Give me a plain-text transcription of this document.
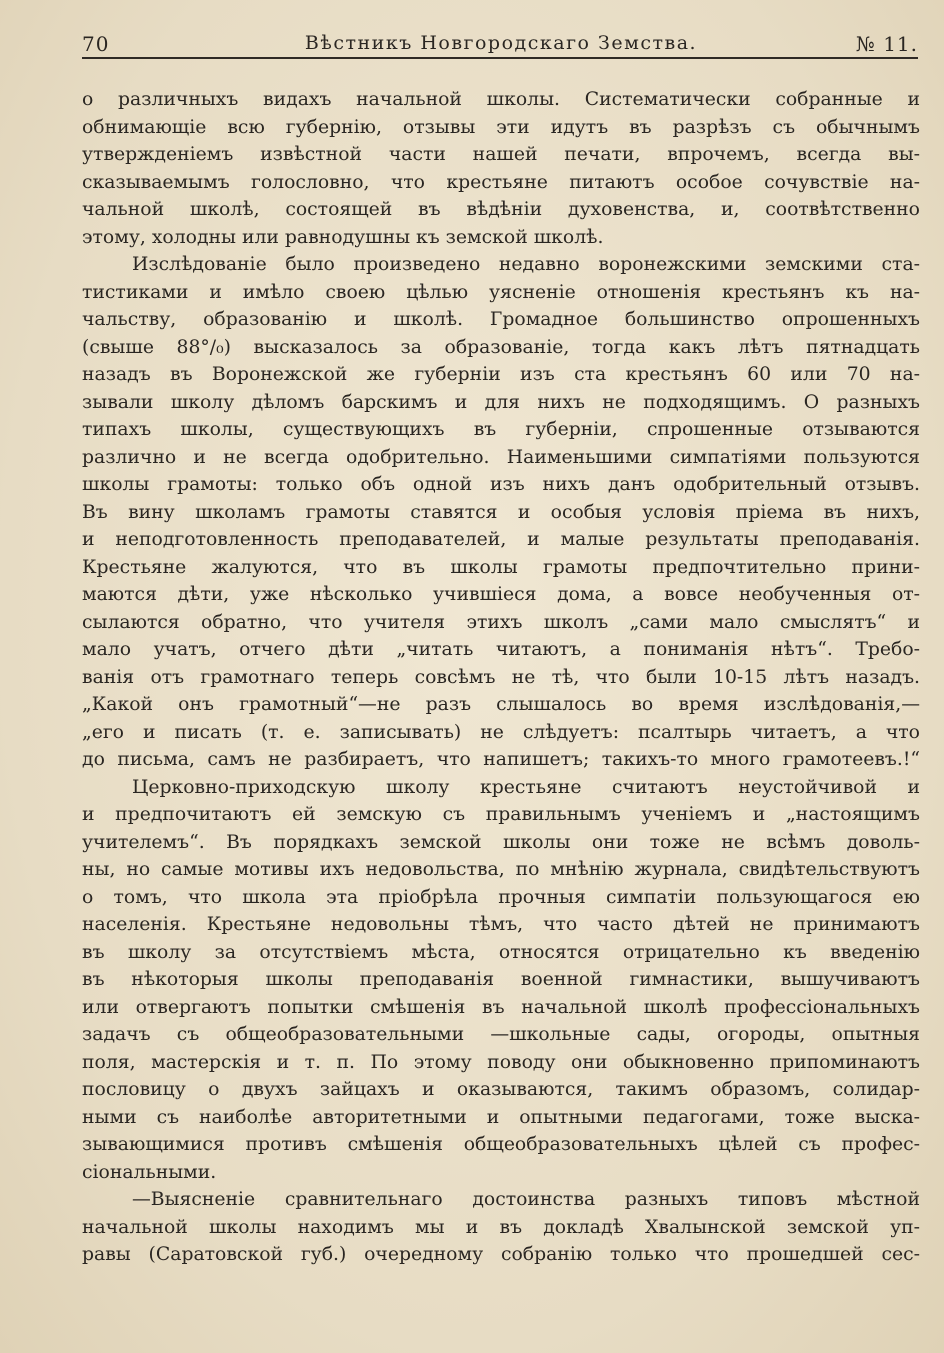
70	Вѣстникъ Новгородскаго Земства.	№ 11.
о различныхъ видахъ начальной школы. Систематически собранные и
обнимающіе всю губернію, отзывы эти идутъ въ разрѣзъ съ обычнымъ
утвержденіемъ извѣстной части нашей печати, впрочемъ, всегда вы-
сказываемымъ голословно, что крестьяне питаютъ особое сочувствіе на-
чальной школѣ, состоящей въ вѣдѣніи духовенства, и, соотвѣтственно
этому, холодны или равнодушны къ земской школѣ.
Изслѣдованіе было произведено недавно воронежскими земскими ста-
тистиками и имѣло своею цѣлью уясненіе отношенія крестьянъ къ на-
чальству, образованію и школѣ. Громадное большинство опрошенныхъ
(свыше 88°/₀) высказалось за образованіе, тогда какъ лѣтъ пятнадцать
назадъ въ Воронежской же губерніи изъ ста крестьянъ 60 или 70 на-
зывали школу дѣломъ барскимъ и для нихъ не подходящимъ. О разныхъ
типахъ школы, существующихъ въ губерніи, спрошенные отзываются
различно и не всегда одобрительно. Наименьшими симпатіями пользуются
школы грамоты: только объ одной изъ нихъ данъ одобрительный отзывъ.
Въ вину школамъ грамоты ставятся и особыя условія пріема въ нихъ,
и неподготовленность преподавателей, и малые результаты преподаванія.
Крестьяне жалуются, что въ школы грамоты предпочтительно прини-
маются дѣти, уже нѣсколько учившіеся дома, а вовсе необученныя от-
сылаются обратно, что учителя этихъ школъ „сами мало смыслятъ“ и
мало учатъ, отчего дѣти „читать читаютъ, а пониманія нѣтъ“. Требо-
ванія отъ грамотнаго теперь совсѣмъ не тѣ, что были 10-15 лѣтъ назадъ.
„Какой онъ грамотный“—не разъ слышалось во время изслѣдованія,—
„его и писать (т. е. записывать) не слѣдуетъ: псалтырь читаетъ, а что
до письма, самъ не разбираетъ, что напишетъ; такихъ-то много грамотеевъ.!“
Церковно-приходскую школу крестьяне считаютъ неустойчивой и
и предпочитаютъ ей земскую съ правильнымъ ученіемъ и „настоящимъ
учителемъ“. Въ порядкахъ земской школы они тоже не всѣмъ доволь-
ны, но самые мотивы ихъ недовольства, по мнѣнію журнала, свидѣтельствуютъ
о томъ, что школа эта пріобрѣла прочныя симпатіи пользующагося ею
населенія. Крестьяне недовольны тѣмъ, что часто дѣтей не принимаютъ
въ школу за отсутствіемъ мѣста, относятся отрицательно къ введенію
въ нѣкоторыя школы преподаванія военной гимнастики, вышучиваютъ
или отвергаютъ попытки смѣшенія въ начальной школѣ профессіональныхъ
задачъ съ общеобразовательными —школьные сады, огороды, опытныя
поля, мастерскія и т. п. По этому поводу они обыкновенно припоминаютъ
пословицу о двухъ зайцахъ и оказываются, такимъ образомъ, солидар-
ными съ наиболѣе авторитетными и опытными педагогами, тоже выска-
зывающимися противъ смѣшенія общеобразовательныхъ цѣлей съ профес-
сіональными.
—Выясненіе сравнительнаго достоинства разныхъ типовъ мѣстной
начальной школы находимъ мы и въ докладѣ Хвалынской земской уп-
равы (Саратовской губ.) очередному собранію только что прошедшей сес-
